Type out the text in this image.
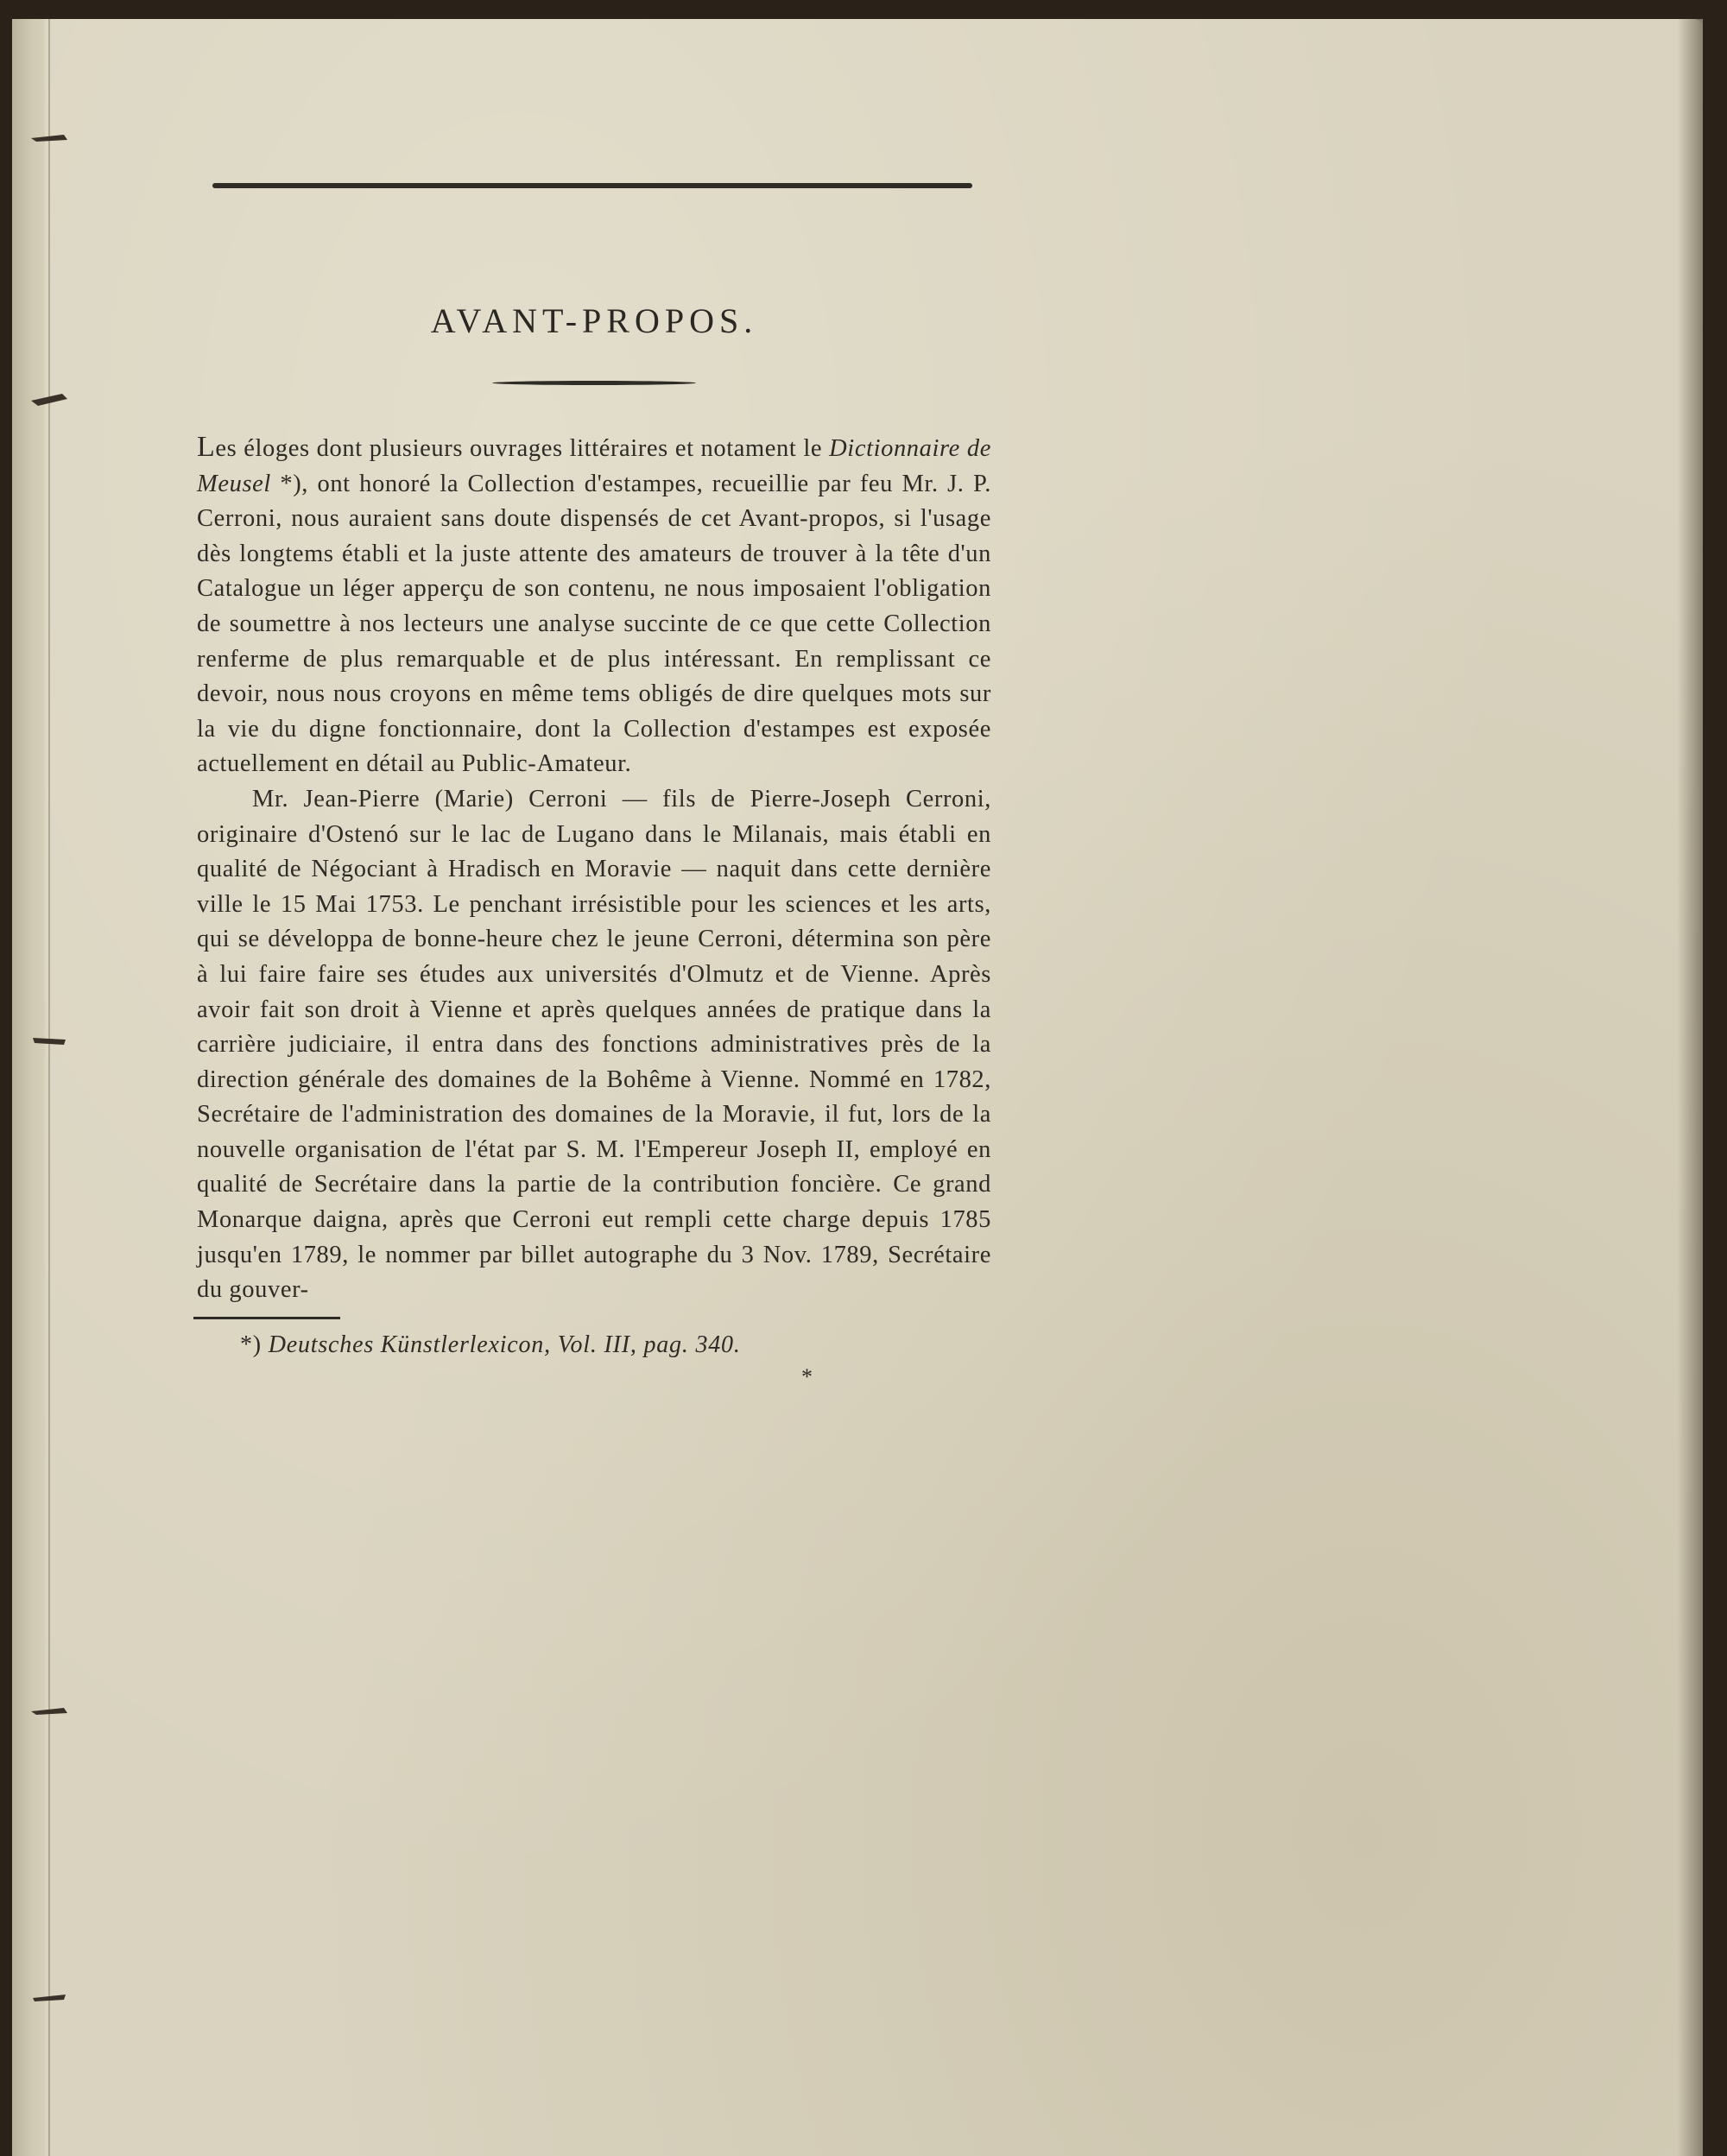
AVANT-PROPOS.

Les éloges dont plusieurs ouvrages littéraires et notament le Dictionnaire de Meusel *), ont honoré la Collection d'estampes, recueillie par feu Mr. J. P. Cerroni, nous auraient sans doute dispensés de cet Avant-propos, si l'usage dès longtems établi et la juste attente des amateurs de trouver à la tête d'un Catalogue un léger apperçu de son contenu, ne nous imposaient l'obligation de soumettre à nos lecteurs une analyse succinte de ce que cette Collection renferme de plus remarquable et de plus intéressant. En remplissant ce devoir, nous nous croyons en même tems obligés de dire quelques mots sur la vie du digne fonctionnaire, dont la Collection d'estampes est exposée actuellement en détail au Public-Amateur.

Mr. Jean-Pierre (Marie) Cerroni — fils de Pierre-Joseph Cerroni, originaire d'Ostenó sur le lac de Lugano dans le Milanais, mais établi en qualité de Négociant à Hradisch en Moravie — naquit dans cette dernière ville le 15 Mai 1753. Le penchant irrésistible pour les sciences et les arts, qui se développa de bonne-heure chez le jeune Cerroni, détermina son père à lui faire faire ses études aux universités d'Olmutz et de Vienne. Après avoir fait son droit à Vienne et après quelques années de pratique dans la carrière judiciaire, il entra dans des fonctions administratives près de la direction générale des domaines de la Bohême à Vienne. Nommé en 1782, Secrétaire de l'administration des domaines de la Moravie, il fut, lors de la nouvelle organisation de l'état par S. M. l'Empereur Joseph II, employé en qualité de Secrétaire dans la partie de la contribution foncière. Ce grand Monarque daigna, après que Cerroni eut rempli cette charge depuis 1785 jusqu'en 1789, le nommer par billet autographe du 3 Nov. 1789, Secrétaire du gouver-

*) Deutsches Künstlerlexicon, Vol. III, pag. 340.
*
